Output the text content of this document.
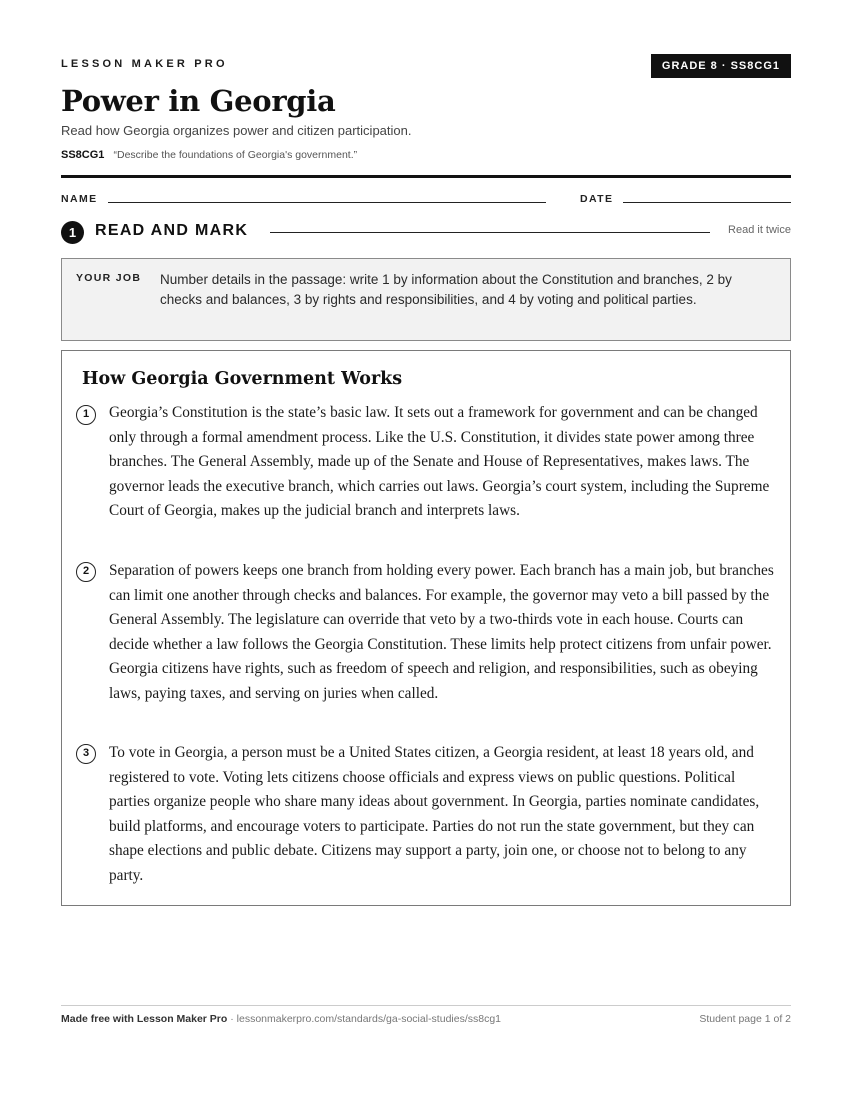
LESSON MAKER PRO	GRADE 8 · SS8CG1
Power in Georgia
Read how Georgia organizes power and citizen participation.
SS8CG1 “Describe the foundations of Georgia's government.”
NAME	DATE
1	READ AND MARK	Read it twice
YOUR JOB Number details in the passage: write 1 by information about the Constitution and branches, 2 by checks and balances, 3 by rights and responsibilities, and 4 by voting and political parties.
How Georgia Government Works
1	Georgia’s Constitution is the state’s basic law. It sets out a framework for government and can be changed only through a formal amendment process. Like the U.S. Constitution, it divides state power among three branches. The General Assembly, made up of the Senate and House of Representatives, makes laws. The governor leads the executive branch, which carries out laws. Georgia’s court system, including the Supreme Court of Georgia, makes up the judicial branch and interprets laws.

2	Separation of powers keeps one branch from holding every power. Each branch has a main job, but branches can limit one another through checks and balances. For example, the governor may veto a bill passed by the General Assembly. The legislature can override that veto by a two-thirds vote in each house. Courts can decide whether a law follows the Georgia Constitution. These limits help protect citizens from unfair power. Georgia citizens have rights, such as freedom of speech and religion, and responsibilities, such as obeying laws, paying taxes, and serving on juries when called.

3	To vote in Georgia, a person must be a United States citizen, a Georgia resident, at least 18 years old, and registered to vote. Voting lets citizens choose officials and express views on public questions. Political parties organize people who share many ideas about government. In Georgia, parties nominate candidates, build platforms, and encourage voters to participate. Parties do not run the state government, but they can shape elections and public debate. Citizens may support a party, join one, or choose not to belong to any party.

Made free with Lesson Maker Pro · lessonmakerpro.com/standards/ga-social-studies/ss8cg1	Student page 1 of 2
